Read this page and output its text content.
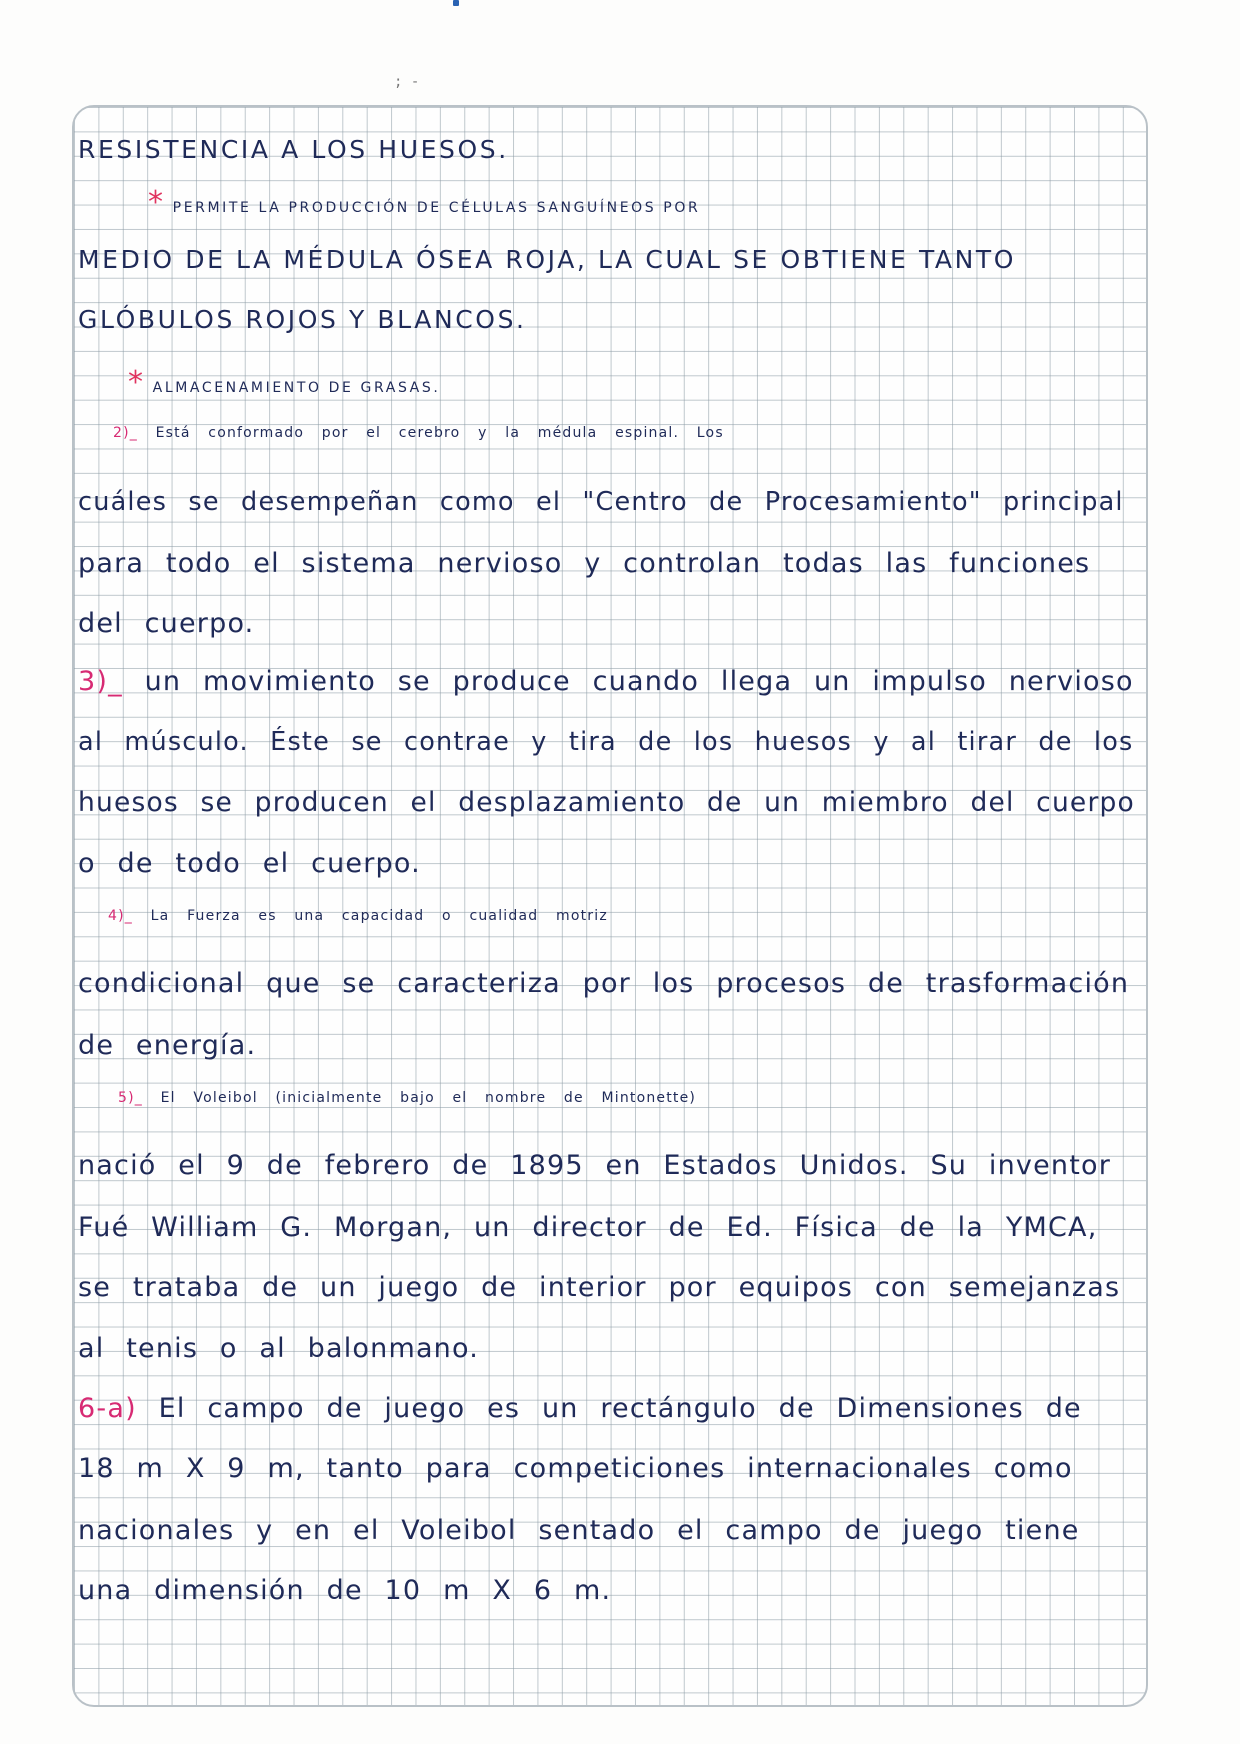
; -
RESISTENCIA A LOS HUESOS.
* PERMITE LA PRODUCCIÓN DE CÉLULAS SANGUÍNEOS POR
MEDIO DE LA MÉDULA ÓSEA ROJA, LA CUAL SE OBTIENE TANTO
GLÓBULOS ROJOS Y BLANCOS.
* ALMACENAMIENTO DE GRASAS.
2)_ Está conformado por el cerebro y la médula espinal. Los
cuáles se desempeñan como el "Centro de Procesamiento" principal
para todo el sistema nervioso y controlan todas las funciones
del cuerpo.
3)_ un movimiento se produce cuando llega un impulso nervioso
al músculo. Éste se contrae y tira de los huesos y al tirar de los
huesos se producen el desplazamiento de un miembro del cuerpo
o de todo el cuerpo.
4)_ La Fuerza es una capacidad o cualidad motriz
condicional que se caracteriza por los procesos de trasformación
de energía.
5)_ El Voleibol (inicialmente bajo el nombre de Mintonette)
nació el 9 de febrero de 1895 en Estados Unidos. Su inventor
Fué William G. Morgan, un director de Ed. Física de la YMCA,
se trataba de un juego de interior por equipos con semejanzas
al tenis o al balonmano.
6-a) El campo de juego es un rectángulo de Dimensiones de
18 m X 9 m, tanto para competiciones internacionales como
nacionales y en el Voleibol sentado el campo de juego tiene
una dimensión de 10 m X 6 m.
